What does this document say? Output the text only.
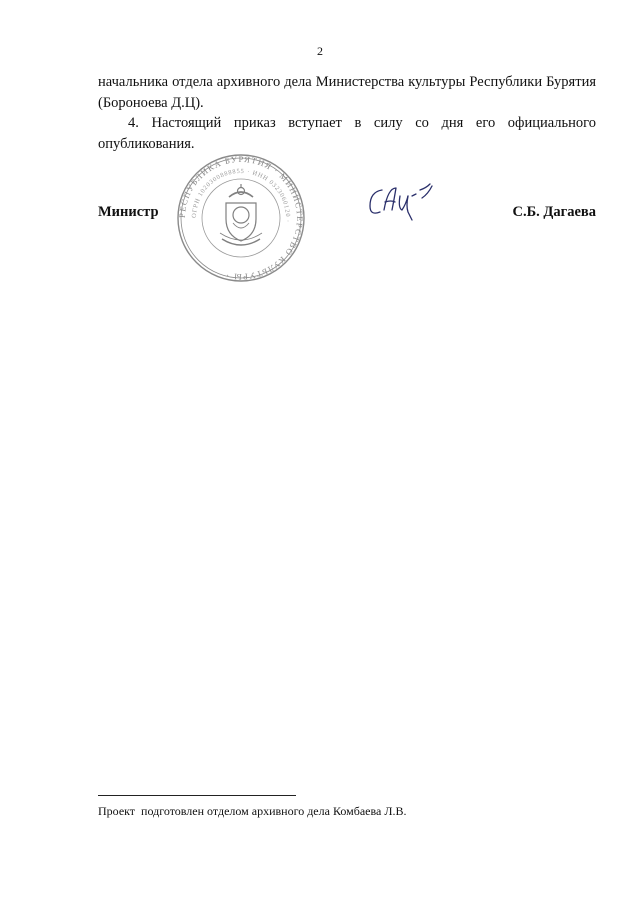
2
начальника отдела архивного дела Министерства культуры Республики Бурятия (Бороноева Д.Ц).
4. Настоящий приказ вступает в силу со дня его официального опубликования.
Министр	С.Б. Дагаева
РЕСПУБЛИКА БУРЯТИЯ · МИНИСТЕРСТВО КУЛЬТУРЫ ·
ОГРН 1020300888855 · ИНН 0323060120 ·
Проект  подготовлен отделом архивного дела Комбаева Л.В.
